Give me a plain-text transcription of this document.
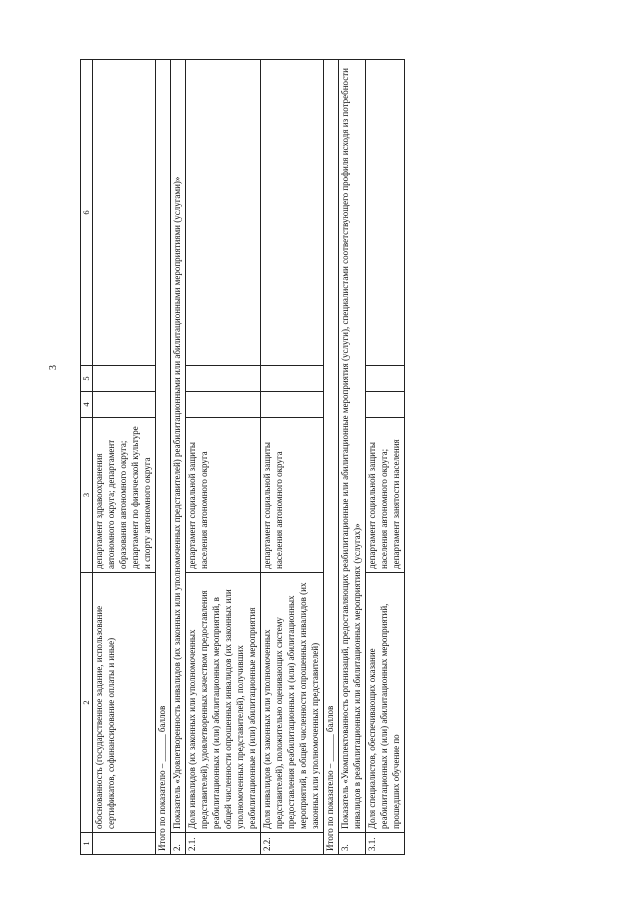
3
1	2	3	4	5	6
	обоснованность (государственное задание, использование сертификатов, софинансирование оплаты и иные)	департамент здравоохранения автономного округа; департамент образования автономного округа; департамент по физической культуре и спорту автономного округа			
Итого по показателю – ______ баллов					
2.	Показатель «Удовлетворенность инвалидов (их законных или уполномоченных представителей) реабилитационными или абилитационными мероприятиями (услугами)»				
2.1.	Доля инвалидов (их законных или уполномоченных представителей), удовлетворенных качеством предоставления реабилитационных и (или) абилитационных мероприятий, в общей численности опрошенных инвалидов (их законных или уполномоченных представителей), получивших реабилитационные и (или) абилитационные мероприятия	департамент социальной защиты населения автономного округа			
2.2.	Доля инвалидов (их законных или уполномоченных представителей), положительно оценивающих систему предоставления реабилитационных и (или) абилитационных мероприятий, в общей численности опрошенных инвалидов (их законных или уполномоченных представителей)	департамент социальной защиты населения автономного округа			
Итого по показателю – ______ баллов					
3.	Показатель «Укомплектованность организаций, предоставляющих реабилитационные или абилитационные мероприятия (услуги), специалистами соответствующего профиля исходя из потребности инвалидов в реабилитационных или абилитационных мероприятиях (услугах)»				
3.1.	Доля специалистов, обеспечивающих оказание реабилитационных и (или) абилитационных мероприятий, прошедших обучение по	департамент социальной защиты населения автономного округа; департамент занятости населения			
